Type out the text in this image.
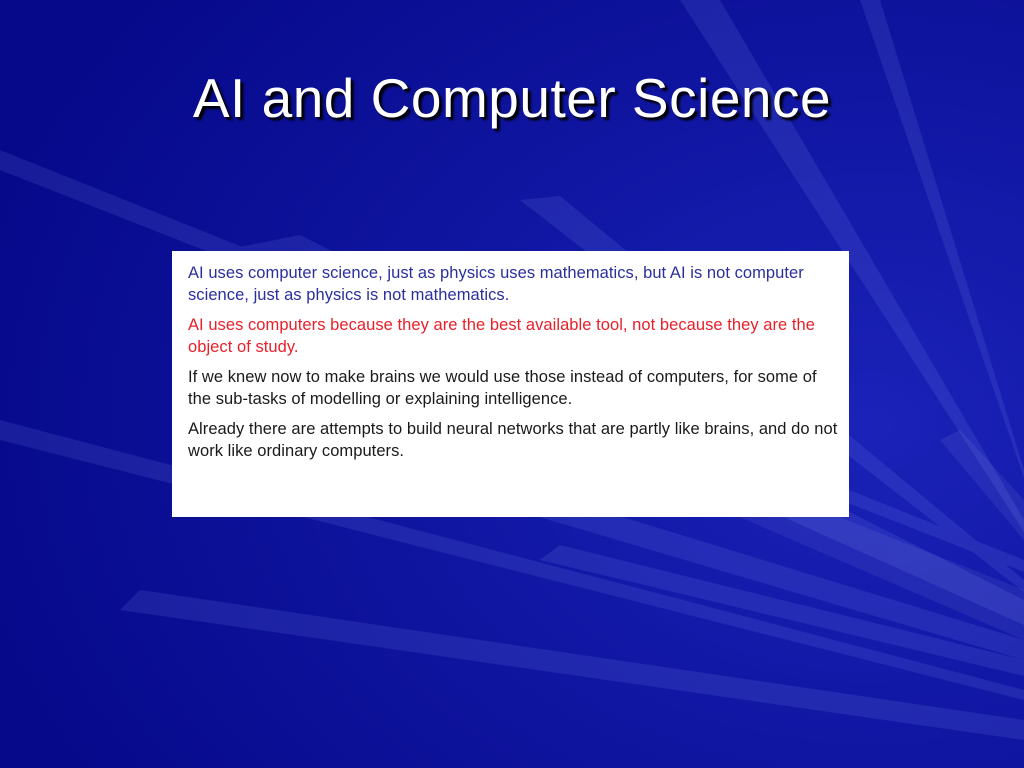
AI and Computer Science

AI uses computer science, just as physics uses mathematics, but AI is not computer science, just as physics is not mathematics.

AI uses computers because they are the best available tool, not because they are the object of study.

If we knew now to make brains we would use those instead of computers, for some of the sub-tasks of modelling or explaining intelligence.

Already there are attempts to build neural networks that are partly like brains, and do not work like ordinary computers.
